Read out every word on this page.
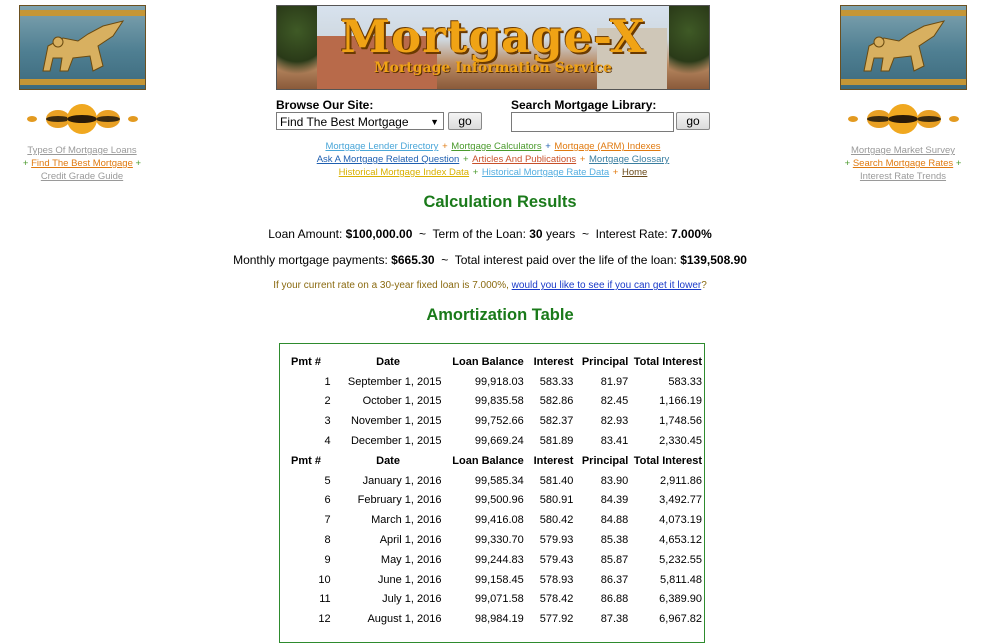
Types Of Mortgage Loans
+ Find The Best Mortgage +
Credit Grade Guide
Mortgage Market Survey
+ Search Mortgage Rates +
Interest Rate Trends
Mortgage-X
Mortgage Information Service
Browse Our Site:
Find The Best Mortgage ▼ go
Search Mortgage Library:
go
Mortgage Lender Directory + Mortgage Calculators + Mortgage (ARM) Indexes
Ask A Mortgage Related Question + Articles And Publications + Mortgage Glossary
Historical Mortgage Index Data + Historical Mortgage Rate Data + Home
Calculation Results
Loan Amount: $100,000.00 ~ Term of the Loan: 30 years ~ Interest Rate: 7.000%
Monthly mortgage payments: $665.30 ~ Total interest paid over the life of the loan: $139,508.90
If your current rate on a 30-year fixed loan is 7.000%, would you like to see if you can get it lower?
Amortization Table
Pmt #	Date	Loan Balance	Interest	Principal	Total Interest
1	September 1, 2015	99,918.03	583.33	81.97	583.33
2	October 1, 2015	99,835.58	582.86	82.45	1,166.19
3	November 1, 2015	99,752.66	582.37	82.93	1,748.56
4	December 1, 2015	99,669.24	581.89	83.41	2,330.45
Pmt #	Date	Loan Balance	Interest	Principal	Total Interest
5	January 1, 2016	99,585.34	581.40	83.90	2,911.86
6	February 1, 2016	99,500.96	580.91	84.39	3,492.77
7	March 1, 2016	99,416.08	580.42	84.88	4,073.19
8	April 1, 2016	99,330.70	579.93	85.38	4,653.12
9	May 1, 2016	99,244.83	579.43	85.87	5,232.55
10	June 1, 2016	99,158.45	578.93	86.37	5,811.48
11	July 1, 2016	99,071.58	578.42	86.88	6,389.90
12	August 1, 2016	98,984.19	577.92	87.38	6,967.82
